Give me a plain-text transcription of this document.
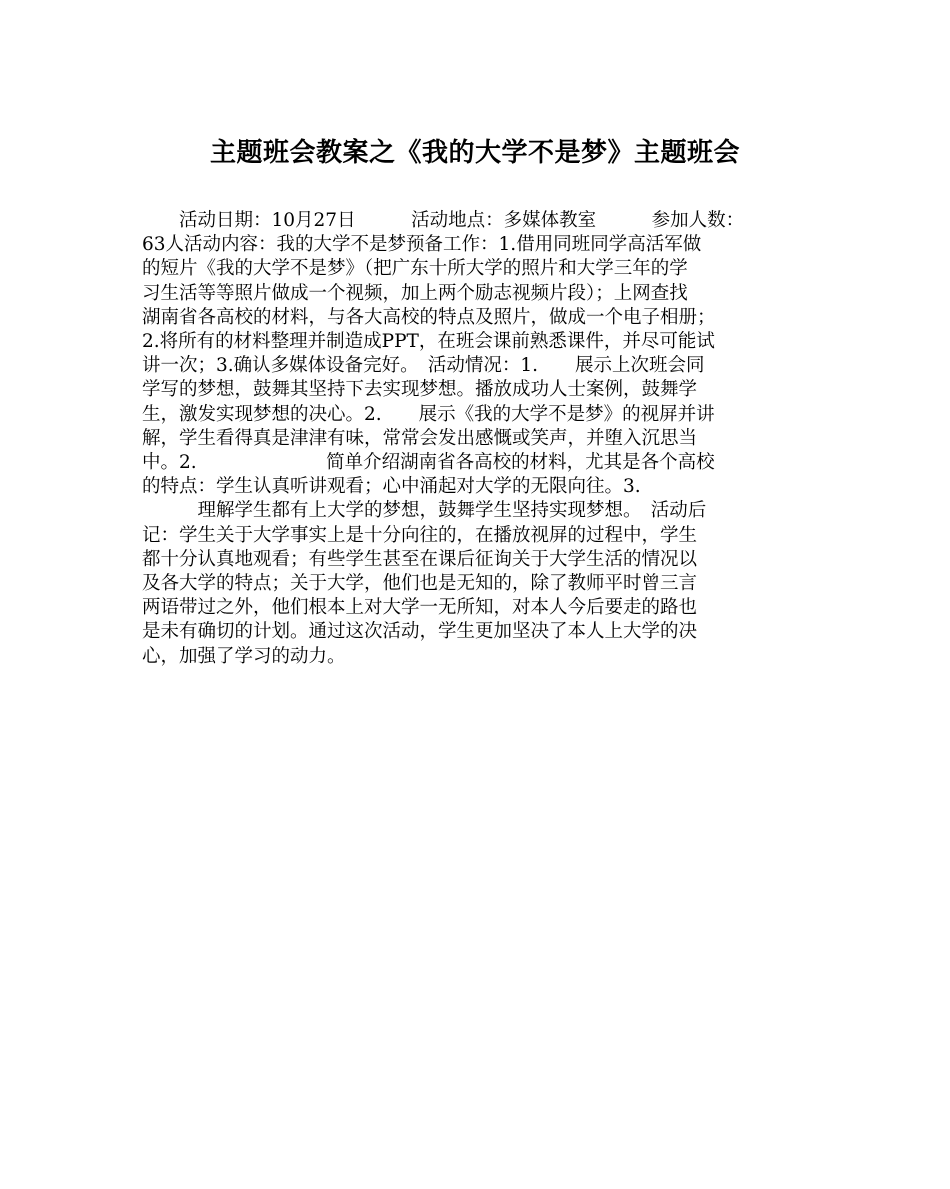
主题班会教案之《我的大学不是梦》主题班会
　　活动日期：10月27日　　　活动地点：多媒体教室　　　参加人数：
63人活动内容：我的大学不是梦预备工作：1.借用同班同学高活军做
的短片《我的大学不是梦》（把广东十所大学的照片和大学三年的学
习生活等等照片做成一个视频，加上两个励志视频片段）；上网查找
湖南省各高校的材料，与各大高校的特点及照片，做成一个电子相册；
2.将所有的材料整理并制造成PPT，在班会课前熟悉课件，并尽可能试
讲一次；3.确认多媒体设备完好。　活动情况：1.　　展示上次班会同
学写的梦想，鼓舞其坚持下去实现梦想。播放成功人士案例，鼓舞学
生，激发实现梦想的决心。2.　　展示《我的大学不是梦》的视屏并讲
解，学生看得真是津津有味，常常会发出感慨或笑声，并堕入沉思当
中。2.　　　　　　　简单介绍湖南省各高校的材料，尤其是各个高校
的特点：学生认真听讲观看；心中涌起对大学的无限向往。3.
　　　理解学生都有上大学的梦想，鼓舞学生坚持实现梦想。　活动后
记：学生关于大学事实上是十分向往的，在播放视屏的过程中，学生
都十分认真地观看；有些学生甚至在课后征询关于大学生活的情况以
及各大学的特点；关于大学，他们也是无知的，除了教师平时曾三言
两语带过之外，他们根本上对大学一无所知，对本人今后要走的路也
是未有确切的计划。通过这次活动，学生更加坚决了本人上大学的决
心，加强了学习的动力。
